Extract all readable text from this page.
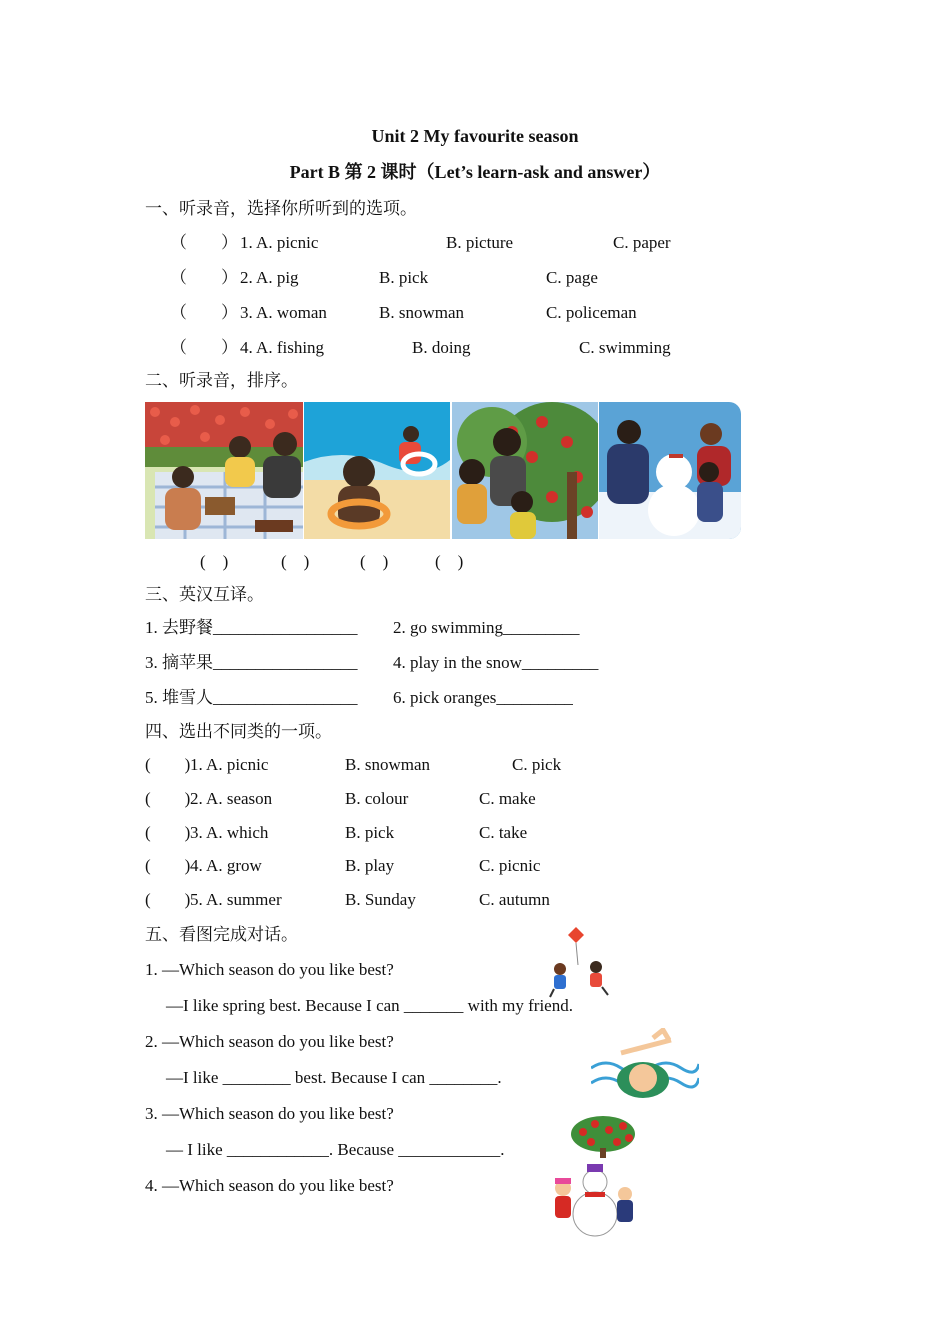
Unit 2 My favourite season
Part B 第 2 课时（Let’s learn-ask and answer）
一、听录音，选择你所听到的选项。
（　　） 1. A. picnic	B. picture	C. paper
（　　） 2. A. pig	B. pick	C. page
（　　） 3. A. woman	B. snowman	C. policeman
（　　） 4. A. fishing	B. doing	C. swimming
二、听录音，排序。
(　)	(　)	(　)	(　)
三、英汉互译。
1. 去野餐_________________ 2. go swimming_________
3. 摘苹果_________________ 4. play in the snow_________
5. 堆雪人_________________ 6. pick oranges_________
四、选出不同类的一项。
(　　) 1. A. picnic	B. snowman	C. pick
(　　) 2. A. season	B. colour	C. make
(　　) 3. A. which	B. pick	C. take
(　　) 4. A. grow	B. play	C. picnic
(　　) 5. A. summer	B. Sunday	C. autumn
五、看图完成对话。
1. —Which season do you like best?
—I like spring best. Because I can _______ with my friend.
2. —Which season do you like best?
—I like ________ best. Because I can ________.
3. —Which season do you like best?
— I like ____________. Because ____________.
4. —Which season do you like best?
